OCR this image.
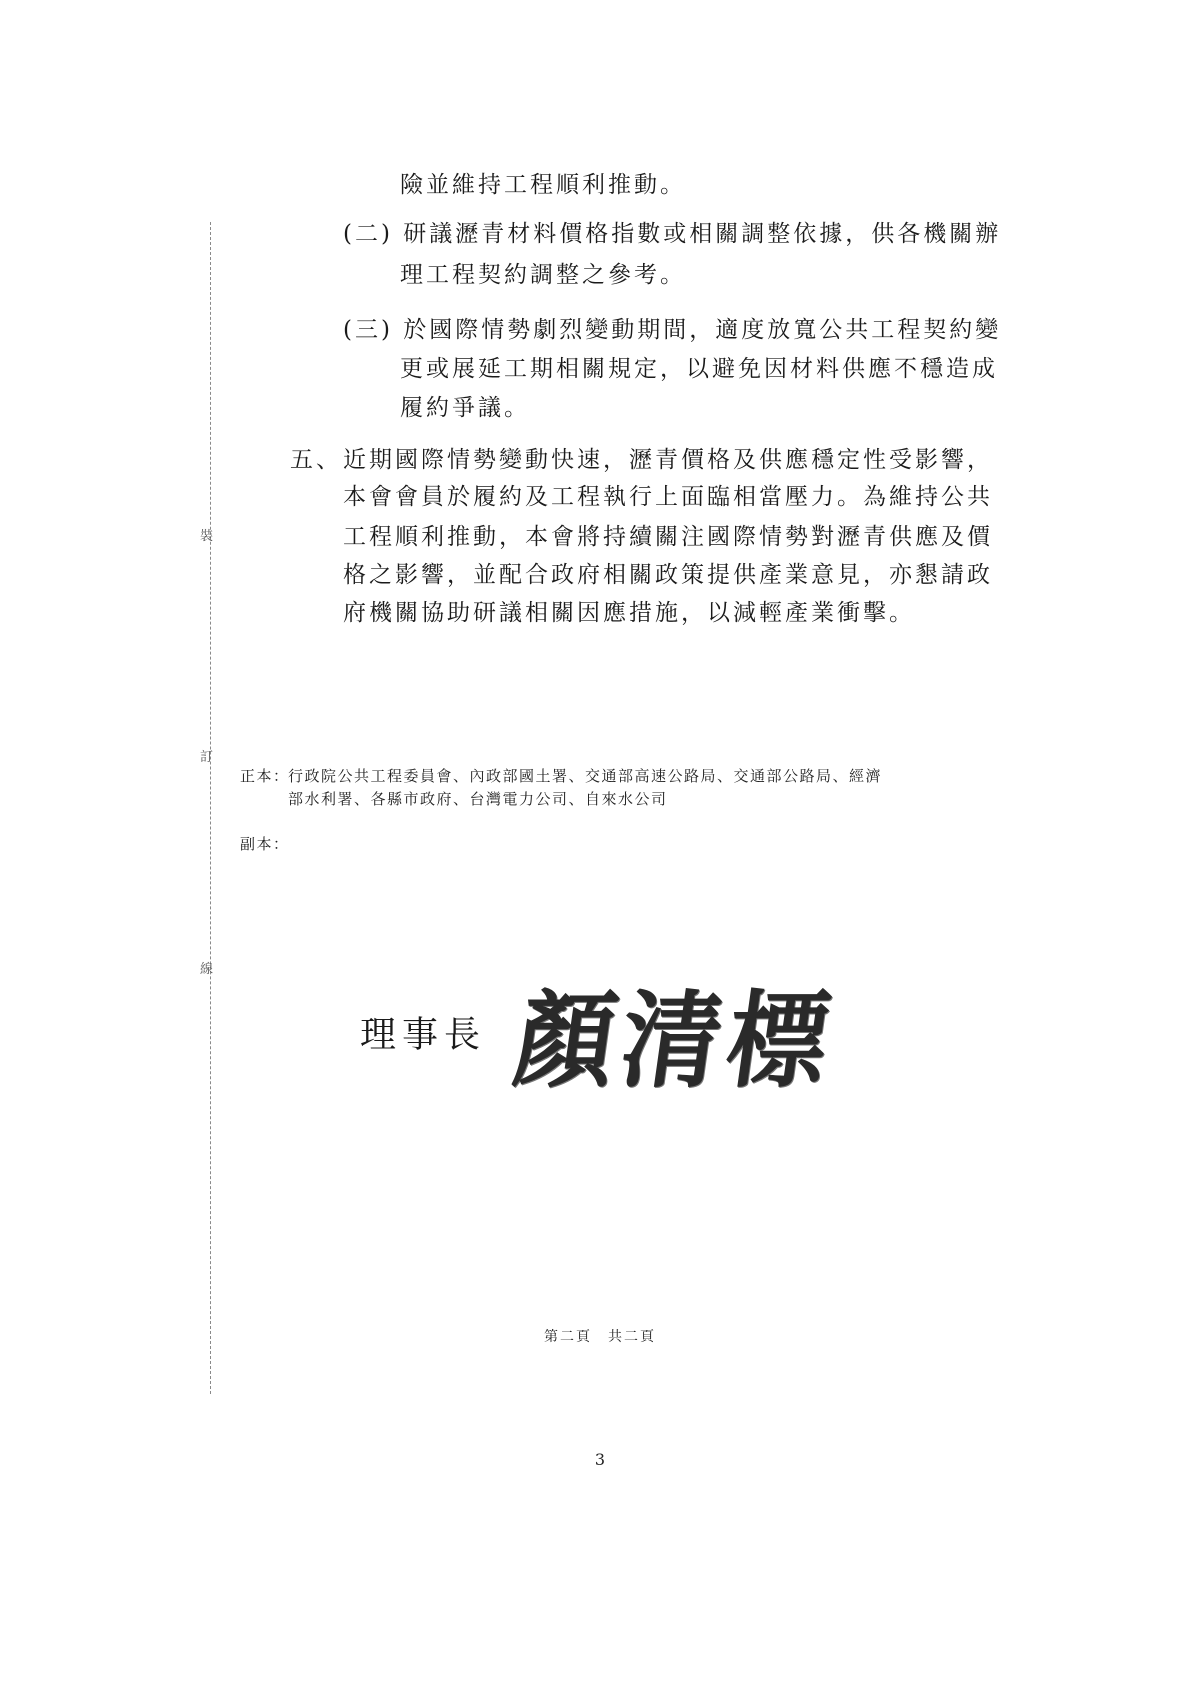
裝
訂
線
險並維持工程順利推動。
(二) 研議瀝青材料價格指數或相關調整依據，供各機關辦
理工程契約調整之參考。
(三) 於國際情勢劇烈變動期間，適度放寬公共工程契約變
更或展延工期相關規定，以避免因材料供應不穩造成
履約爭議。
五、 近期國際情勢變動快速，瀝青價格及供應穩定性受影響，
本會會員於履約及工程執行上面臨相當壓力。為維持公共
工程順利推動，本會將持續關注國際情勢對瀝青供應及價
格之影響，並配合政府相關政策提供產業意見，亦懇請政
府機關協助研議相關因應措施，以減輕產業衝擊。
正本：
行政院公共工程委員會、內政部國土署、交通部高速公路局、交通部公路局、經濟
部水利署、各縣市政府、台灣電力公司、自來水公司
副本：
理事長 顏清標
第二頁　共二頁
3
